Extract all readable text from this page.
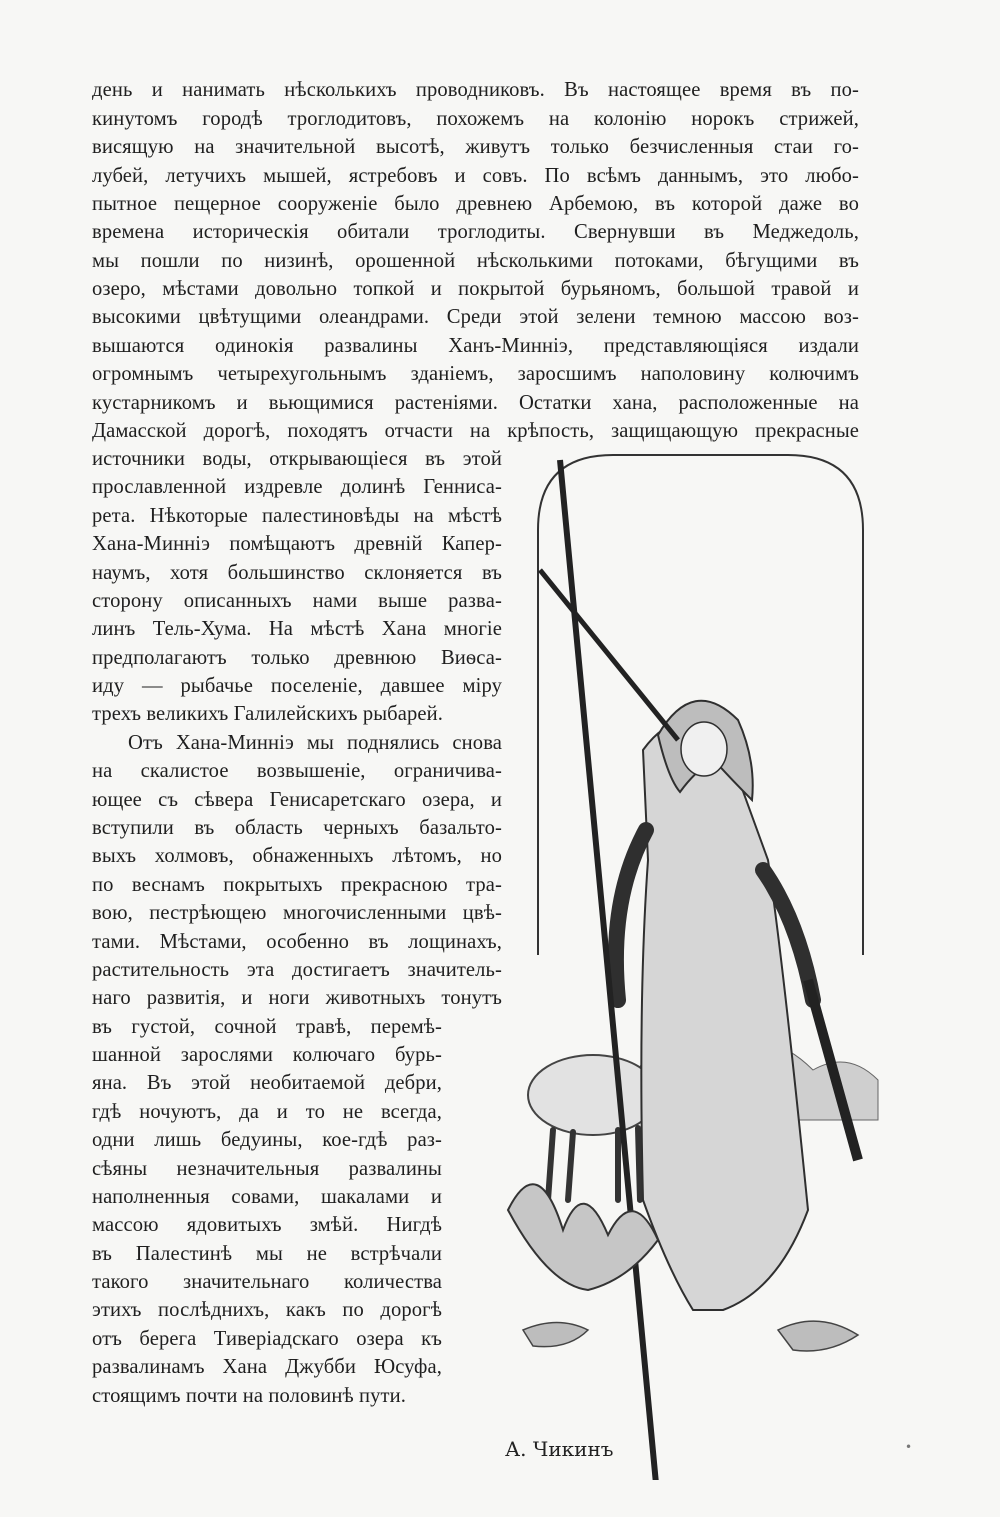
день и нанимать нѣсколькихъ проводниковъ. Въ настоящее время въ по-
кинутомъ городѣ троглодитовъ, похожемъ на колонію норокъ стрижей,
висящую на значительной высотѣ, живутъ только безчисленныя стаи го-
лубей, летучихъ мышей, ястребовъ и совъ. По всѣмъ даннымъ, это любо-
пытное пещерное сооруженіе было древнею Арбемою, въ которой даже во
времена историческія обитали троглодиты. Свернувши въ Меджедоль,
мы пошли по низинѣ, орошенной нѣсколькими потоками, бѣгущими въ
озеро, мѣстами довольно топкой и покрытой бурьяномъ, большой травой и
высокими цвѣтущими олеандрами. Среди этой зелени темною массою воз-
вышаются одинокія развалины Ханъ-Минніэ, представляющіяся издали
огромнымъ четырехугольнымъ зданіемъ, заросшимъ наполовину колючимъ
кустарникомъ и вьющимися растеніями. Остатки хана, расположенные на
Дамасской дорогѣ, походятъ отчасти на крѣпость, защищающую прекрасные
источники воды, открывающіеся въ этой
прославленной издревле долинѣ Генниса-
рета. Нѣкоторые палестиновѣды на мѣстѣ
Хана-Минніэ помѣщаютъ древній Капер-
наумъ, хотя большинство склоняется въ
сторону описанныхъ нами выше развa-
линъ Тель-Хума. На мѣстѣ Хана многіе
предполагаютъ только древнюю Виѳса-
иду — рыбачье поселеніе, давшее міру
трехъ великихъ Галилейскихъ рыбарей.
Отъ Хана-Минніэ мы поднялись снова
на скалистое возвышеніе, ограничива-
ющее съ сѣвера Генисаретскаго озера, и
вступили въ область черныхъ базальто-
выхъ холмовъ, обнаженныхъ лѣтомъ, но
по веснамъ покрытыхъ прекрасною тра-
вою, пестрѣющею многочисленными цвѣ-
тами. Мѣстами, особенно въ лощинахъ,
растительность эта достигаетъ значитель-
наго развитія, и ноги животныхъ тонутъ
въ густой, сочной травѣ, перемѣ-
шанной зарослями колючаго бурь-
яна. Въ этой необитаемой дебри,
гдѣ ночуютъ, да и то не всегда,
одни лишь бедуины, кое-гдѣ раз-
сѣяны незначительныя развалины
наполненныя совами, шакалами и
массою ядовитыхъ змѣй. Нигдѣ
въ Палестинѣ мы не встрѣчали
такого значительнаго количества
этихъ послѣднихъ, какъ по дорогѣ
отъ берега Тиверіадскаго озера къ
развалинамъ Хана Джубби Юсуфа,
стоящимъ почти на половинѣ пути.
А. Чикинъ	•
